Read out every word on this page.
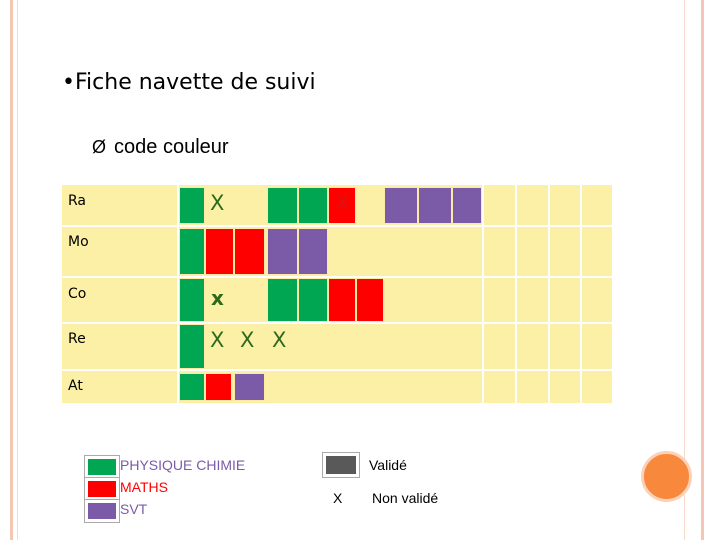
•Fiche navette de suivi
Ø code couleur
Ra
Mo
Co
Re
At
X	X
x
X X X
PHYSIQUE CHIMIE
MATHS
SVT
Validé
X Non validé
